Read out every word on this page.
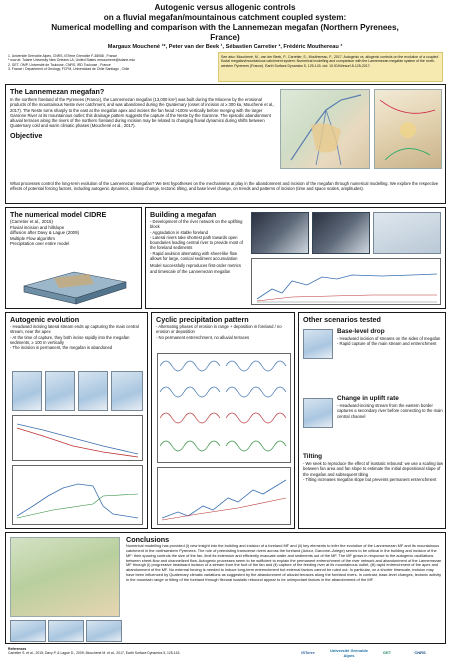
Autogenic versus allogenic controls
on a fluvial megafan/mountainous catchment coupled system:
Numerical modelling and comparison with the Lannemezan megafan (Northern Pyrenees, France)
Margaux Mouchené ¹*, Peter van der Beek ¹, Sébastien Carretier ², Frédéric Mouthereau ³
1. Université Grenoble Alpes, CNRS, ISTerre Grenoble F-38058 , France
* now at: Tulane University New Orleans LA, United States mmouchene@tulane.edu
2. GET, OMP, Université de Toulouse, CNRS, IRD Toulouse , France
3. France / Department of Geology, FCFM, Universidad de Chile Santiago , Chile
See also: Mouchené, M., van der Beek, P., Carretier, S., Mouthereau, F., 2017. Autogenic vs. allogenic controls on the evolution of a coupled fluvial megafan/mountainous catchment system: Numerical modelling and comparison with the Lannemezan megafan system of the north-western Pyrenees (France). Earth Surface Dynamics 5, 125-143. doi: 10.5194/esurf-5-125-2017.
The Lannemezan megafan?
In the northern foreland of the Pyrenees (France), the Lannemezan megafan (13,000 km²) was built during the Miocene by the erosional products of the mountainous Neste river catchment, and was abandoned during the Quaternary (onset of incision at ≥ 300 ka, Mouchené et al., 2017). The Neste turns sharply to the east at the megafan apex and incises the fan head >100m vertically before merging with the larger Garonne River at its mountainous outlet; this drainage pattern suggests the capture of the Neste by the Garonne. The episodic abandonment alluvial terraces along the rivers of the northern foreland during incision may be related to changing fluvial dynamics during shifts between Quaternary cold and warm climatic phases (Mouchené et al., 2017).
Objective
What processes control the long-term evolution of the Lannemezan megafan? We test hypotheses on the mechanisms at play in the abandonment and incision of the megafan through numerical modelling. We explore the respective effects of potential forcing factors, including autogenic dynamics, climate change, tectonic tilting, and base level change, on trends and patterns of incision (time and space scales, amplitudes).
The numerical model CIDRE
(Carretier et al., 2015)
Fluvial incision and hillslope
diffusion after Davy & Lague (2009)
Multiple Flow algorithm
Precipitation over entire model
Building a megafan
- Development of the river network on the uplifting block
- Aggradation in stable foreland
- Lateral rivers take shortest path towards open boundaries leading central river to provide most of the foreland sediments
- Rapid avulsion alternating with sheet-like flow allows for large, conical sediment accumulation
Model successfully reproduces first-order metrics and timescale of the Lannemezan megafan
Autogenic evolution
- Headward incising lateral stream ends up capturing the main central stream, near the apex
- At the time of capture, they both incise rapidly into the megafan sediments, ≥ 100 m vertically
- The incision is permanent, the megafan is abandoned
Cyclic precipitation pattern
- Alternating phases of erosion in range + deposition in foreland / no erosion or deposition
- No permanent entrenchment, no alluvial terraces
Other scenarios tested
Base-level drop
- Headward incision of streams on the sides of megafan
- Rapid capture of the main stream and entrenchment
Change in uplift rate
- Headward-incising stream from the eastern border captures a secondary river before connecting to the main central channel
Tilting
- We seek to reproduce the effect of isostatic rebound: we use a scaling law between fan area and fan slope to estimate the initial depositional slope of the megafan and subsequent tilting
- Tilting increases megafan slope but prevents permanent entrenchment
Conclusions
Numerical modelling has provided (i) new insight into the building and incision of a foreland MF and (ii) key elements to infer the evolution of the Lannemezan MF and its mountainous catchment in the northwestern Pyrenees. The role of preexisting transverse rivers across the foreland (Adour, Garonne–Ariège) seems to be critical in the building and incision of the MF: their spacing controls the size of the fan, limit its extension and efficiently evacuate water and sediments out of the MF. The MF grows in response to the autogenic oscillations between sheet-flow and channelized flow. Autogenic processes seem to be sufficient to explain the permanent entrenchment of the river network and abandonment of the Lannemezan MF through (i) progressive headward incision of a stream from the foot of the fan and (ii) capture of the feeding river at its mountainous outlet, (iii) rapid entrenchment of the apex and abandonment of the MF. No external forcing is needed to induce long-term entrenchment but external factors cannot be ruled out. In particular, on a shorter timescale, incision may have been influenced by Quaternary climatic variations as suggested by the abandonment of alluvial terraces along the foreland rivers. In contrast, base-level changes, tectonic activity in the mountain range or tilting of the foreland through flexural isostatic rebound appear to be unimportant factors in the abandonment of the MF.
References
Carretier S. et al., 2015; Davy P. & Lague D., 2009; Mouchené M. et al., 2017, Earth Surface Dynamics 5, 125-143.	ISTerre	Université Grenoble Alpes
GET	CNRS
